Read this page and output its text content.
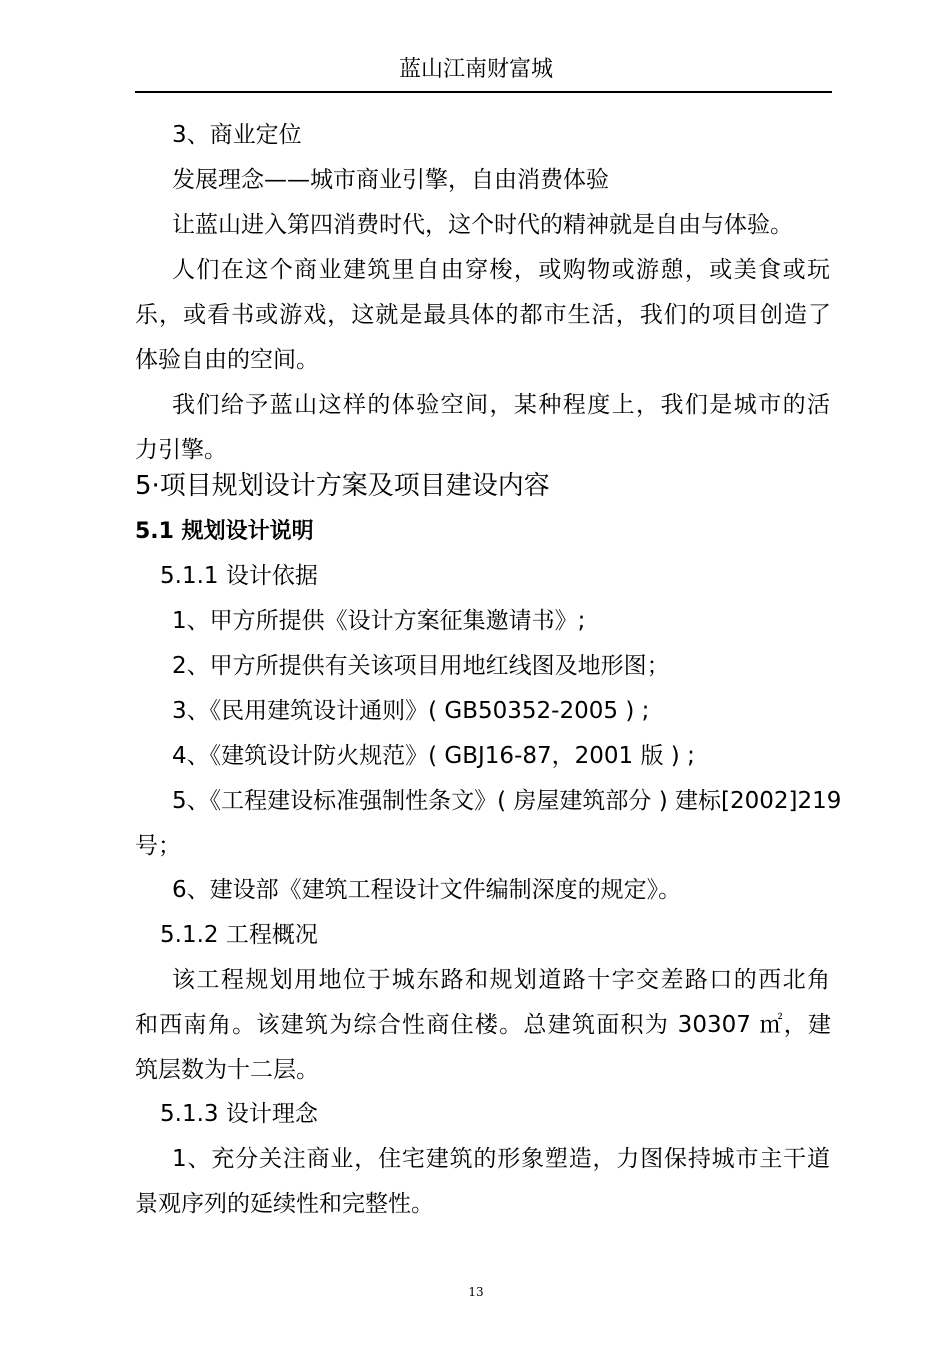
蓝山江南财富城
3、商业定位
发展理念——城市商业引擎，自由消费体验
让蓝山进入第四消费时代，这个时代的精神就是自由与体验。
人们在这个商业建筑里自由穿梭，或购物或游憩，或美食或玩
乐，或看书或游戏，这就是最具体的都市生活，我们的项目创造了
体验自由的空间。
我们给予蓝山这样的体验空间，某种程度上，我们是城市的活
力引擎。
5·项目规划设计方案及项目建设内容
5.1 规划设计说明
5.1.1 设计依据
1、甲方所提供《设计方案征集邀请书》;
2、甲方所提供有关该项目用地红线图及地形图；
3、《民用建筑设计通则》( GB50352-2005 ) ;
4、《建筑设计防火规范》( GBJ16-87，2001 版 ) ;
5、《工程建设标准强制性条文》( 房屋建筑部分 ) 建标[2002]219
号；
6、建设部《建筑工程设计文件编制深度的规定》。
5.1.2 工程概况
该工程规划用地位于城东路和规划道路十字交差路口的西北角
和西南角。该建筑为综合性商住楼。总建筑面积为 30307 ㎡，建
筑层数为十二层。
5.1.3 设计理念
1、充分关注商业，住宅建筑的形象塑造，力图保持城市主干道
景观序列的延续性和完整性。
13
